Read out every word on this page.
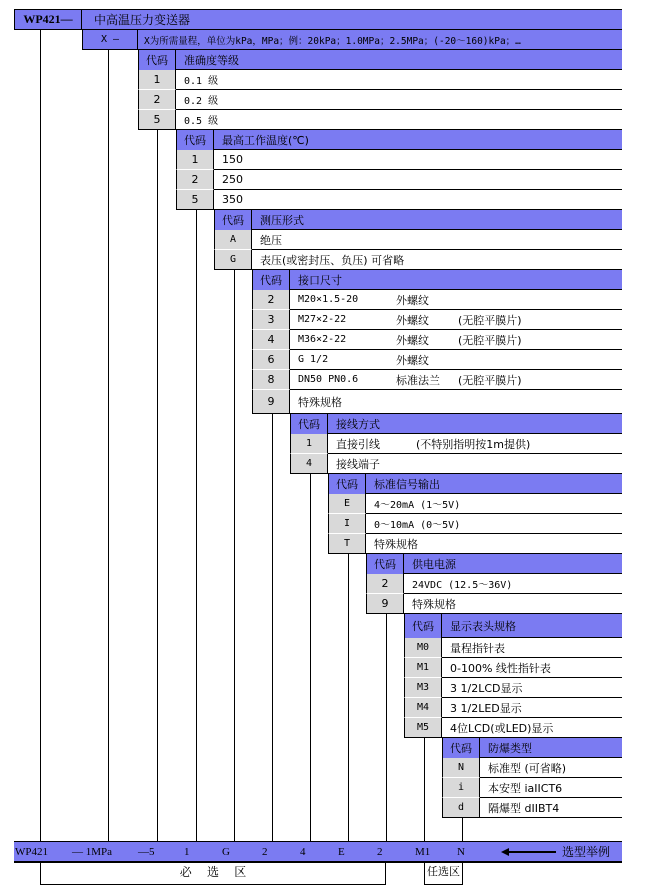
WP421— 中高温压力变送器
X —	X为所需量程，单位为kPa，MPa；例：20kPa；1.0MPa；2.5MPa；(-20～160)kPa；…
代码 准确度等级
1 0.1 级
2 0.2 级
5 0.5 级
代码 最高工作温度(℃)
1 150
2 250
5 350
代码 测压形式
A 绝压
G 表压(或密封压、负压) 可省略
代码 接口尺寸
2 M20×1.5-20	外螺纹
3 M27×2-22	外螺纹	(无腔平膜片)
4 M36×2-22	外螺纹	(无腔平膜片)
6 G 1/2	外螺纹
8 DN50 PN0.6	标准法兰	(无腔平膜片)
9 特殊规格
代码 接线方式
1 直接引线	(不特别指明按1m提供)
4 接线端子
代码 标准信号输出
E 4～20mA (1～5V)
I 0～10mA (0～5V)
T 特殊规格
代码 供电电源
2 24VDC (12.5～36V)
9 特殊规格
代码 显示表头规格
M0 量程指针表
M1 0-100% 线性指针表
M3 3 1/2LCD显示
M4 3 1/2LED显示
M5 4位LCD(或LED)显示
代码 防爆类型
N 标准型 (可省略)
i 本安型 iaIICT6
d 隔爆型 dIIBT4
WP421 — 1MPa —5	1	G	2	4	E	2	M1 N	选型举例
必    选    区	任选区
